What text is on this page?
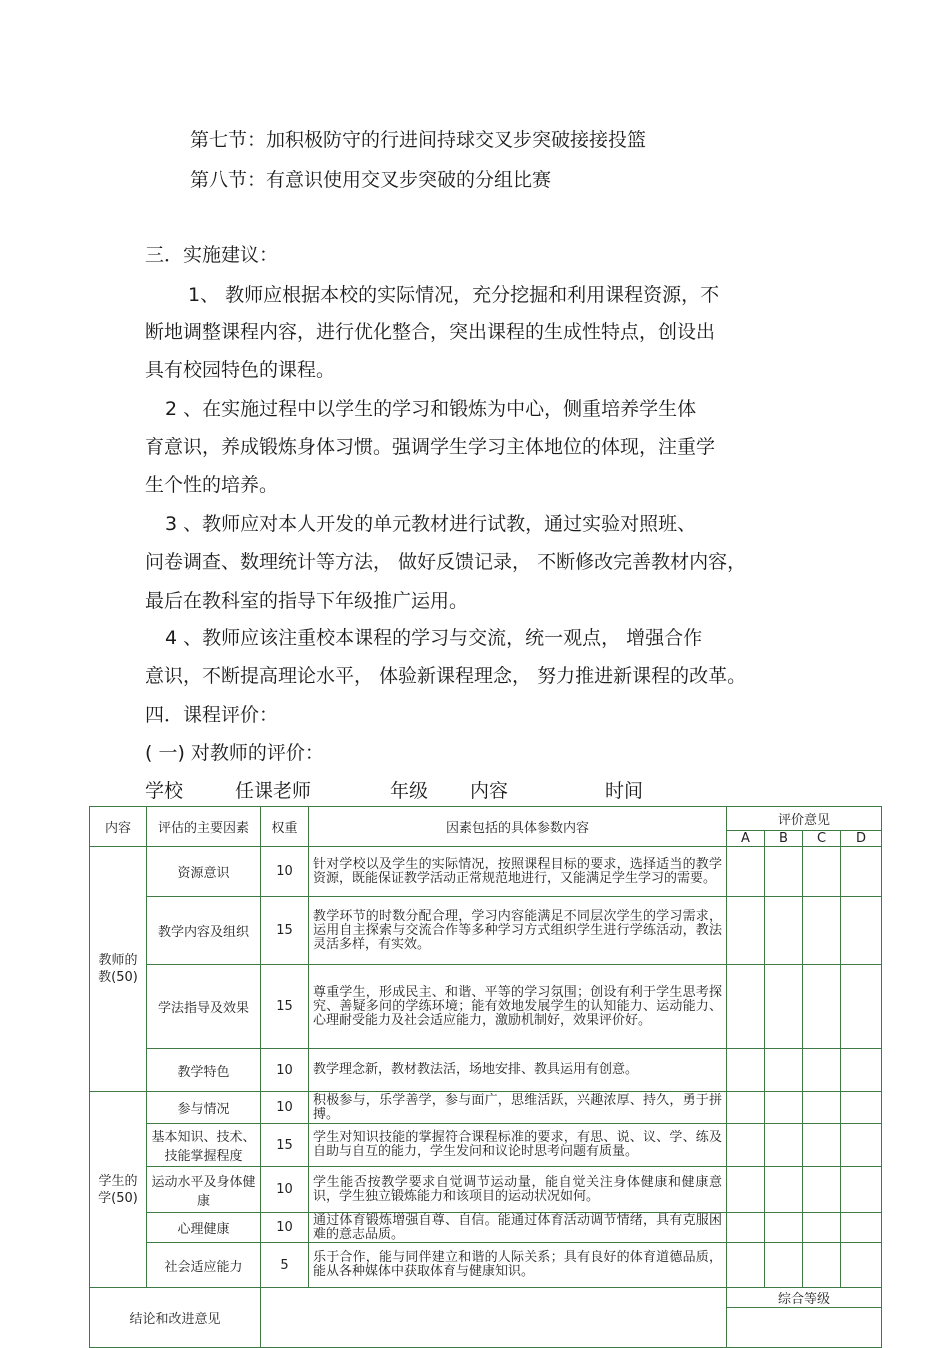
第七节：加积极防守的行进间持球交叉步突破接接投篮
第八节：有意识使用交叉步突破的分组比赛
三．实施建议：
1、 教师应根据本校的实际情况，充分挖掘和利用课程资源，不
断地调整课程内容，进行优化整合，突出课程的生成性特点，创设出
具有校园特色的课程。
2 、在实施过程中以学生的学习和锻炼为中心，侧重培养学生体
育意识，养成锻炼身体习惯。强调学生学习主体地位的体现，注重学
生个性的培养。
3 、教师应对本人开发的单元教材进行试教，通过实验对照班、
问卷调查、数理统计等方法， 做好反馈记录， 不断修改完善教材内容，
最后在教科室的指导下年级推广运用。
4 、教师应该注重校本课程的学习与交流，统一观点， 增强合作
意识，不断提高理论水平， 体验新课程理念， 努力推进新课程的改革。
四．课程评价：
( 一) 对教师的评价：
学校	任课老师	年级 内容	时间
内容	评估的主要因素	权重	因素包括的具体参数内容	评价意见			
				A	B	C	D
教师的教(50)	资源意识	10	针对学校以及学生的实际情况，按照课程目标的要求，选择适当的教学资源，既能保证教学活动正常规范地进行，又能满足学生学习的需要。				
	教学内容及组织	15	教学环节的时数分配合理，学习内容能满足不同层次学生的学习需求，运用自主探索与交流合作等多种学习方式组织学生进行学练活动，教法灵活多样，有实效。				
	学法指导及效果	15	尊重学生，形成民主、和谐、平等的学习氛围；创设有利于学生思考探究、善疑多问的学练环境；能有效地发展学生的认知能力、运动能力、心理耐受能力及社会适应能力，激励机制好，效果评价好。				
	教学特色	10	教学理念新，教材教法活，场地安排、教具运用有创意。				
学生的学(50)	参与情况	10	积极参与，乐学善学，参与面广，思维活跃，兴趣浓厚、持久，勇于拼搏。				
	基本知识、技术、技能掌握程度	15	学生对知识技能的掌握符合课程标准的要求，有思、说、议、学、练及自助与自互的能力，学生发问和议论时思考问题有质量。				
	运动水平及身体健康	10	学生能否按教学要求自觉调节运动量，能自觉关注身体健康和健康意识，学生独立锻炼能力和该项目的运动状况如何。				
	心理健康	10	通过体育锻炼增强自尊、自信。能通过体育活动调节情绪，具有克服困难的意志品质。				
	社会适应能力	5	乐于合作，能与同伴建立和谐的人际关系；具有良好的体育道德品质，能从各种媒体中获取体育与健康知识。				
结论和改进意见				综合等级			
